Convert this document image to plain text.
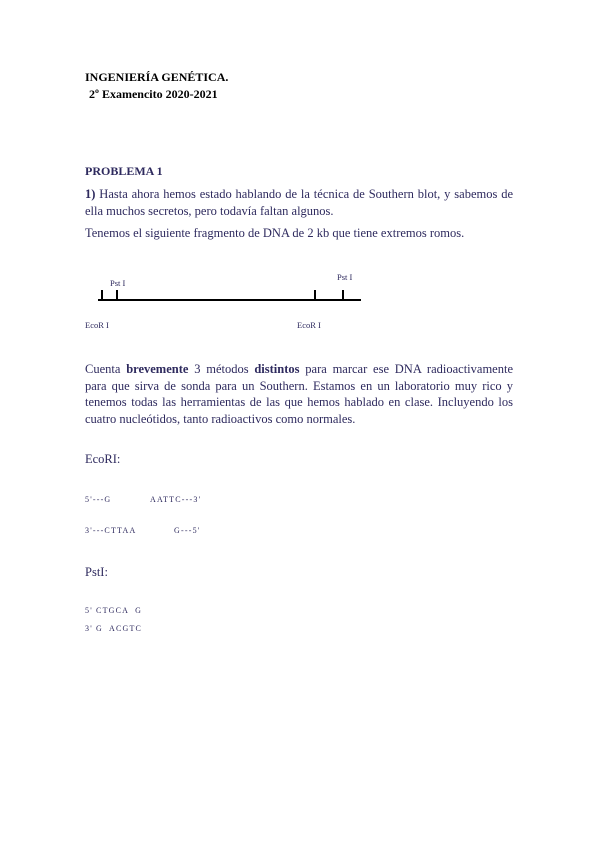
INGENIERÍA GENÉTICA.
2º Examencito 2020-2021
PROBLEMA 1
1) Hasta ahora hemos estado hablando de la técnica de Southern blot, y sabemos de ella muchos secretos, pero todavía faltan algunos.
Tenemos el siguiente fragmento de DNA de 2 kb que tiene extremos romos.
Pst I
Pst I
EcoR I	EcoR I
Cuenta brevemente 3 métodos distintos para marcar ese DNA radioactivamente para que sirva de sonda para un Southern. Estamos en un laboratorio muy rico y tenemos todas las herramientas de las que hemos hablado en clase. Incluyendo los cuatro nucleótidos, tanto radioactivos como normales.
EcoRI:
5'---G	AATTC---3'
3'---CTTAA	G---5'
PstI:
5' CTGCA  G
3' G  ACGTC
